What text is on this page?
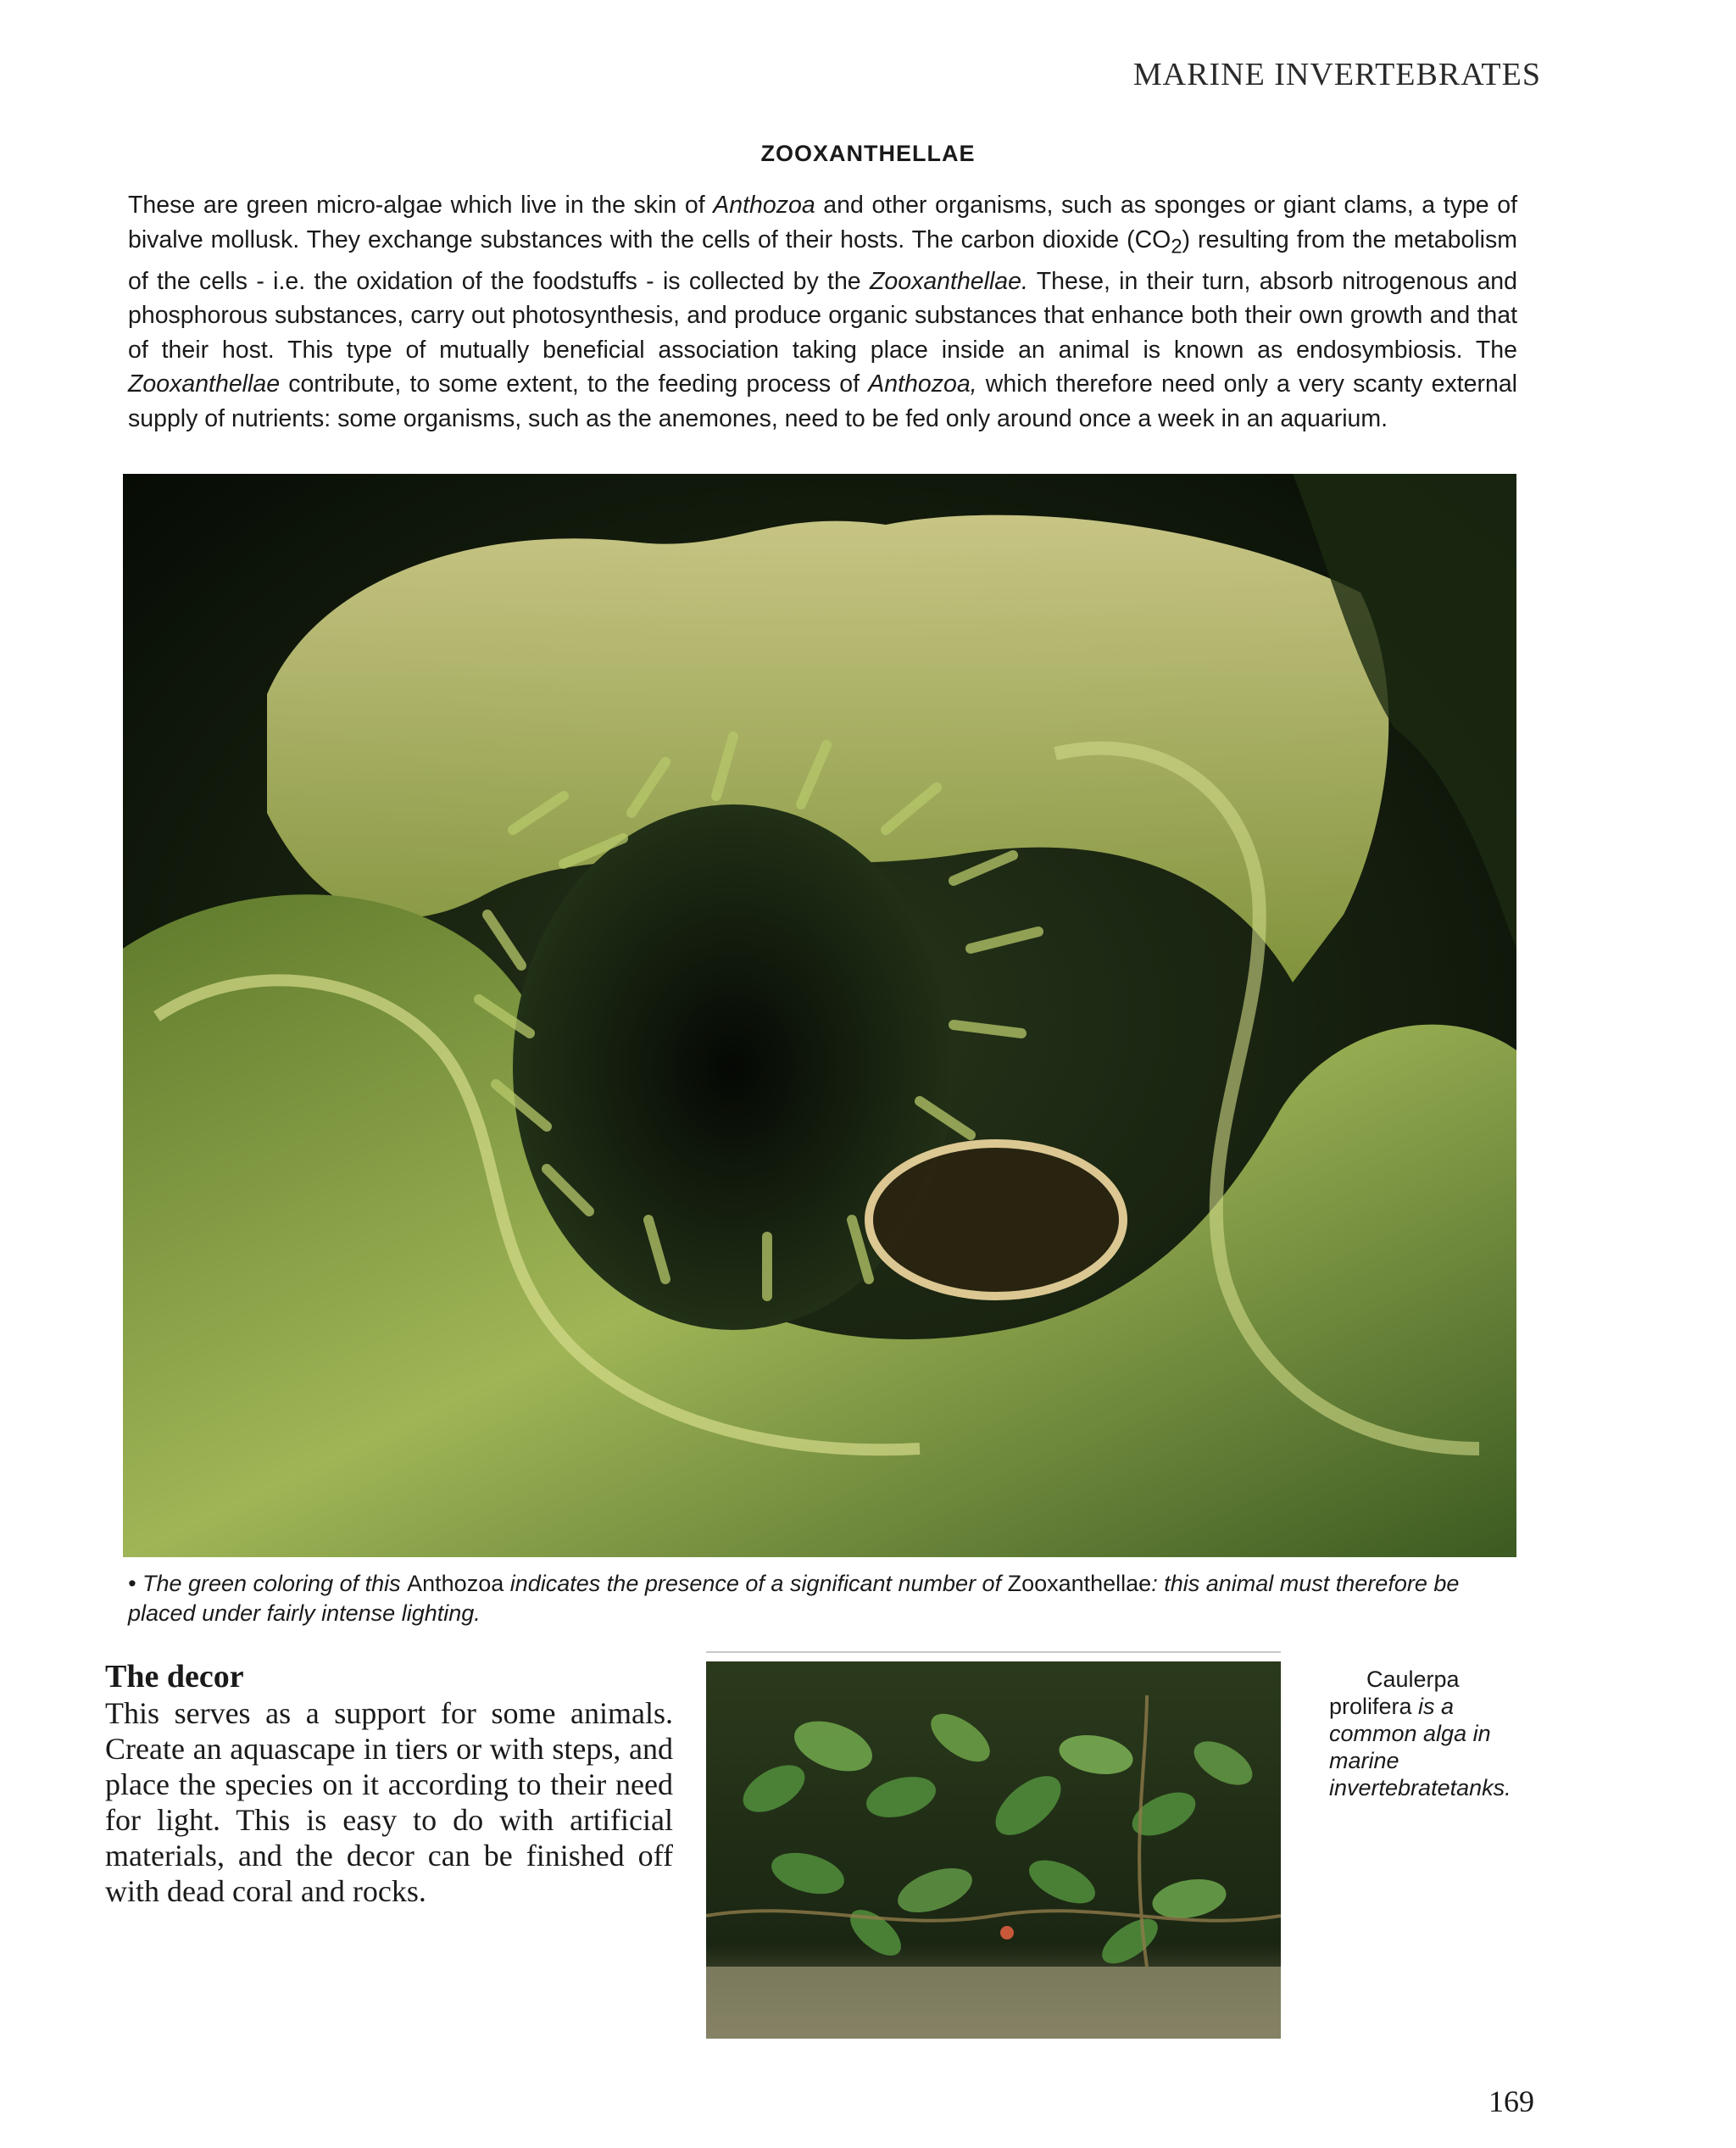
MARINE INVERTEBRATES
ZOOXANTHELLAE

These are green micro-algae which live in the skin of Anthozoa and other organisms, such as sponges or giant clams, a type of bivalve mollusk. They exchange substances with the cells of their hosts. The carbon dioxide $(CO_2)$ resulting from the metabolism of the cells - i.e. the oxidation of the foodstuffs - is collected by the Zooxanthellae. These, in their turn, absorb nitrogenous and phosphorous substances, carry out photosynthesis, and produce organic substances that enhance both their own growth and that of their host. This type of mutually beneficial association taking place inside an animal is known as endosymbiosis. The Zooxanthellae contribute, to some extent, to the feeding process of Anthozoa, which therefore need only a very scanty external supply of nutrients: some organisms, such as the anemones, need to be fed only around once a week in an aquarium.

• The green coloring of this Anthozoa indicates the presence of a significant number of Zooxanthellae: this animal must therefore be placed under fairly intense lighting.

The decor

This serves as a support for some animals. Create an aquascape in tiers or with steps, and place the species on it according to their need for light. This is easy to do with artificial materials, and the decor can be finished off with dead coral and rocks.

Caulerpa prolifera is a common alga in marine invertebratetanks.

169
